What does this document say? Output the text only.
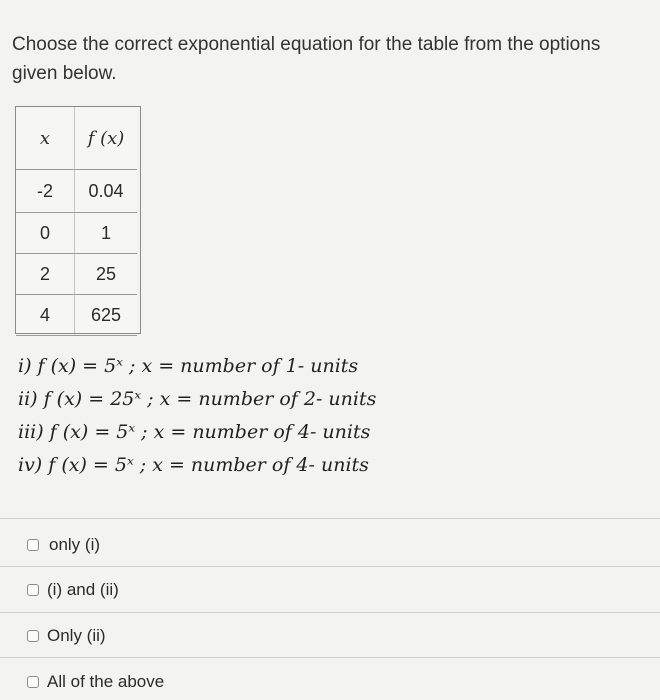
Choose the correct exponential equation for the table from the options given below.
x	f (x)
-2	0.04
0	1
2	25
4	625
i) f (x) = 5ˣ ; x = number of 1- units
ii) f (x) = 25ˣ ; x = number of 2- units
iii) f (x) = 5ˣ ; x = number of 4- units
iv) f (x) = 5ˣ ; x = number of 4- units
only (i)
(i) and (ii)
Only (ii)
All of the above
